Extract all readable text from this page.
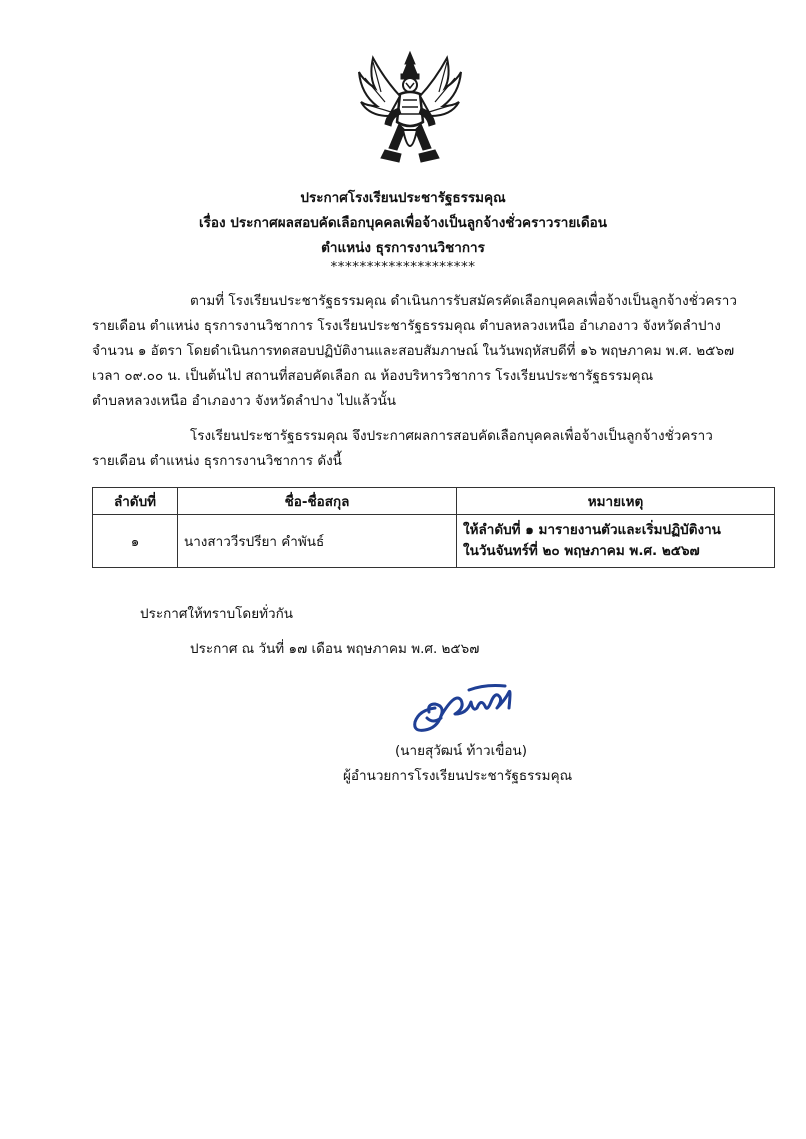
ประกาศโรงเรียนประชารัฐธรรมคุณ
เรื่อง ประกาศผลสอบคัดเลือกบุคคลเพื่อจ้างเป็นลูกจ้างชั่วคราวรายเดือน
ตำแหน่ง ธุรการงานวิชาการ
********************
ตามที่ โรงเรียนประชารัฐธรรมคุณ ดำเนินการรับสมัครคัดเลือกบุคคลเพื่อจ้างเป็นลูกจ้างชั่วคราว
รายเดือน ตำแหน่ง ธุรการงานวิชาการ โรงเรียนประชารัฐธรรมคุณ ตำบลหลวงเหนือ อำเภองาว จังหวัดลำปาง
จำนวน ๑ อัตรา โดยดำเนินการทดสอบปฏิบัติงานและสอบสัมภาษณ์ ในวันพฤหัสบดีที่ ๑๖ พฤษภาคม พ.ศ. ๒๕๖๗
เวลา ๐๙.๐๐ น. เป็นต้นไป สถานที่สอบคัดเลือก ณ ห้องบริหารวิชาการ โรงเรียนประชารัฐธรรมคุณ
ตำบลหลวงเหนือ อำเภองาว จังหวัดลำปาง ไปแล้วนั้น
โรงเรียนประชารัฐธรรมคุณ จึงประกาศผลการสอบคัดเลือกบุคคลเพื่อจ้างเป็นลูกจ้างชั่วคราว
รายเดือน ตำแหน่ง ธุรการงานวิชาการ ดังนี้
ลำดับที่	ชื่อ-ชื่อสกุล	หมายเหตุ
๑	นางสาววีรปรียา คำพันธ์	ให้ลำดับที่ ๑ มารายงานตัวและเริ่มปฏิบัติงาน
ในวันจันทร์ที่ ๒๐ พฤษภาคม พ.ศ. ๒๕๖๗
ประกาศให้ทราบโดยทั่วกัน
ประกาศ ณ วันที่ ๑๗ เดือน พฤษภาคม พ.ศ. ๒๕๖๗
(นายสุวัฒน์ ท้าวเขื่อน)
ผู้อำนวยการโรงเรียนประชารัฐธรรมคุณ
